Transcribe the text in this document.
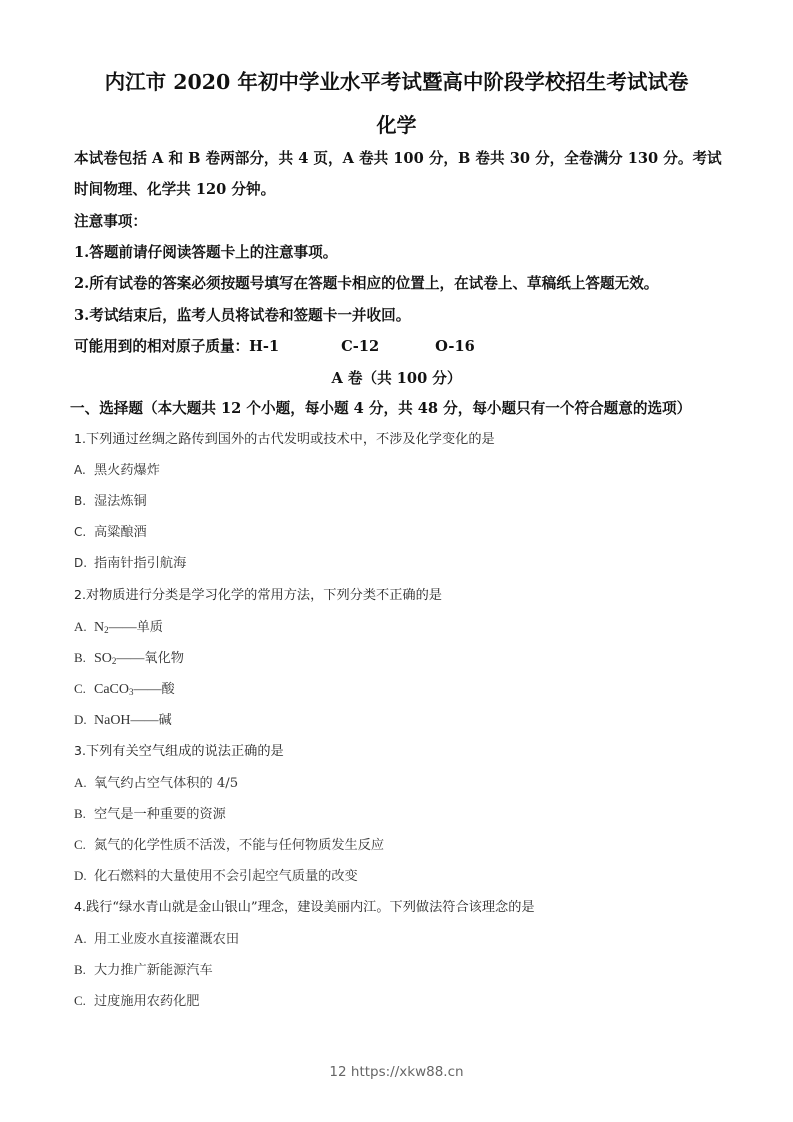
内江市 2020 年初中学业水平考试暨高中阶段学校招生考试试卷
化学
本试卷包括 A 和 B 卷两部分，共 4 页，A 卷共 100 分，B 卷共 30 分，全卷满分 130 分。考试
时间物理、化学共 120 分钟。
注意事项：
1.答题前请仔阅读答题卡上的注意事项。
2.所有试卷的答案必须按题号填写在答题卡相应的位置上，在试卷上、草稿纸上答题无效。
3.考试结束后，监考人员将试卷和签题卡一并收回。
可能用到的相对原子质量：H-1	C-12	O-16
A 卷（共 100 分）
一、选择题（本大题共 12 个小题，每小题 4 分，共 48 分，每小题只有一个符合题意的选项）
1.下列通过丝绸之路传到国外的古代发明或技术中，不涉及化学变化的是
A. 黑火药爆炸
B. 湿法炼铜
C. 高粱酿酒
D. 指南针指引航海
2.对物质进行分类是学习化学的常用方法，下列分类不正确的是
A. $N_2——$单质
B. $SO_2——$氧化物
C. CaCO$_3$——酸
D. NaOH——碱
3.下列有关空气组成的说法正确的是
A. 氧气约占空气体积的 4/5
B. 空气是一种重要的资源
C. 氮气的化学性质不活泼，不能与任何物质发生反应
D. 化石燃料的大量使用不会引起空气质量的改变
4.践行“绿水青山就是金山银山”理念，建设美丽内江。下列做法符合该理念的是
A. 用工业废水直接灌溉农田
B. 大力推广新能源汽车
C. 过度施用农药化肥
12 https://xkw88.cn
